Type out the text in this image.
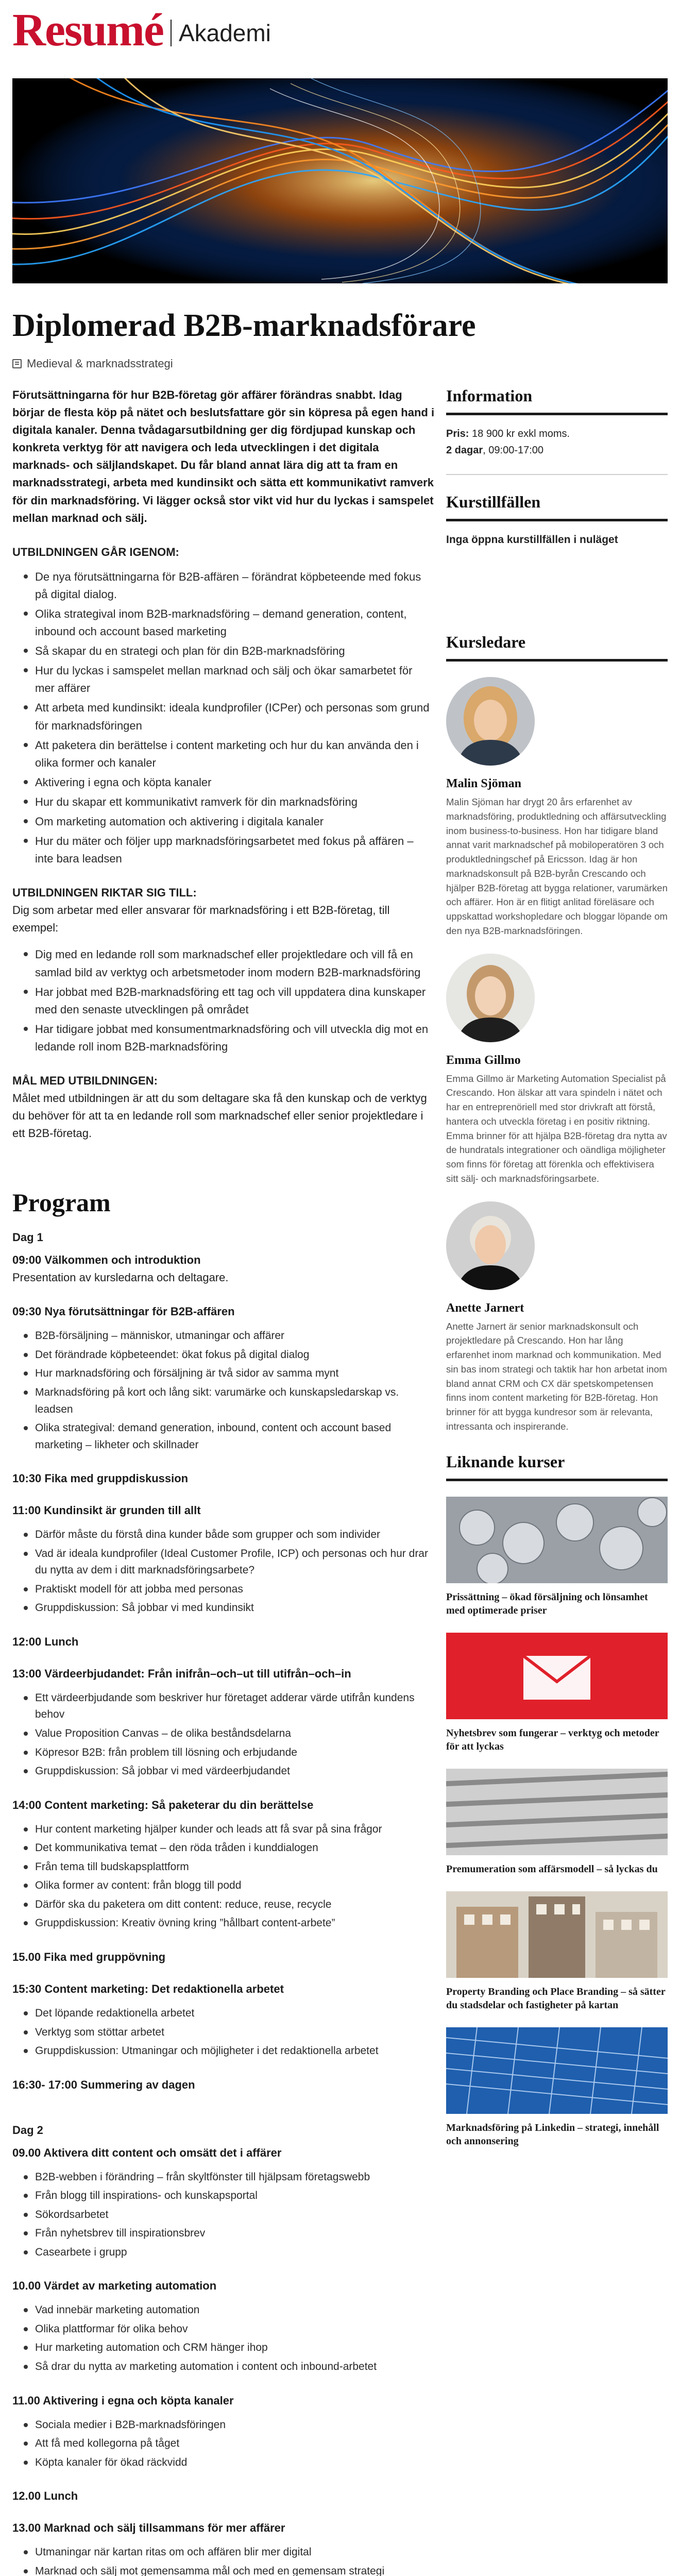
Resumé Akademi
Diplomerad B2B-marknadsförare
Medieval & marknadsstrategi

Förutsättningarna för hur B2B-företag gör affärer förändras snabbt. Idag börjar de flesta köp på nätet och beslutsfattare gör sin köpresa på egen hand i digitala kanaler. Denna tvådagarsutbildning ger dig fördjupad kunskap och konkreta verktyg för att navigera och leda utvecklingen i det digitala marknads- och säljlandskapet. Du får bland annat lära dig att ta fram en marknadsstrategi, arbeta med kundinsikt och sätta ett kommunikativt ramverk för din marknadsföring. Vi lägger också stor vikt vid hur du lyckas i samspelet mellan marknad och sälj.

UTBILDNINGEN GÅR IGENOM:
De nya förutsättningarna för B2B-affären – förändrat köpbeteende med fokus på digital dialog.
Olika strategival inom B2B-marknadsföring – demand generation, content, inbound och account based marketing
Så skapar du en strategi och plan för din B2B-marknadsföring
Hur du lyckas i samspelet mellan marknad och sälj och ökar samarbetet för mer affärer
Att arbeta med kundinsikt: ideala kundprofiler (ICPer) och personas som grund för marknadsföringen
Att paketera din berättelse i content marketing och hur du kan använda den i olika former och kanaler
Aktivering i egna och köpta kanaler
Hur du skapar ett kommunikativt ramverk för din marknadsföring
Om marketing automation och aktivering i digitala kanaler
Hur du mäter och följer upp marknadsföringsarbetet med fokus på affären – inte bara leadsen
UTBILDNINGEN RIKTAR SIG TILL:

Dig som arbetar med eller ansvarar för marknadsföring i ett B2B-företag, till exempel:

Dig med en ledande roll som marknadschef eller projektledare och vill få en samlad bild av verktyg och arbetsmetoder inom modern B2B-marknadsföring
Har jobbat med B2B-marknadsföring ett tag och vill uppdatera dina kunskaper med den senaste utvecklingen på området
Har tidigare jobbat med konsumentmarknadsföring och vill utveckla dig mot en ledande roll inom B2B-marknadsföring
MÅL MED UTBILDNINGEN:

Målet med utbildningen är att du som deltagare ska få den kunskap och de verktyg du behöver för att ta en ledande roll som marknadschef eller senior projektledare i ett B2B-företag.

Program
Dag 1

09:00 Välkommen och introduktion

Presentation av kursledarna och deltagare.

09:30 Nya förutsättningar för B2B-affären

B2B-försäljning – människor, utmaningar och affärer
Det förändrade köpbeteendet: ökat fokus på digital dialog
Hur marknadsföring och försäljning är två sidor av samma mynt
Marknadsföring på kort och lång sikt: varumärke och kunskapsledarskap vs. leadsen
Olika strategival: demand generation, inbound, content och account based marketing – likheter och skillnader

10:30 Fika med gruppdiskussion

11:00 Kundinsikt är grunden till allt

Därför måste du förstå dina kunder både som grupper och som individer
Vad är ideala kundprofiler (Ideal Customer Profile, ICP) och personas och hur drar du nytta av dem i ditt marknadsföringsarbete?
Praktiskt modell för att jobba med personas
Gruppdiskussion: Så jobbar vi med kundinsikt

12:00 Lunch

13:00 Värdeerbjudandet: Från inifrån–och–ut till utifrån–och–in

Ett värdeerbjudande som beskriver hur företaget adderar värde utifrån kundens behov
Value Proposition Canvas – de olika beståndsdelarna
Köpresor B2B: från problem till lösning och erbjudande
Gruppdiskussion: Så jobbar vi med värdeerbjudandet

14:00 Content marketing: Så paketerar du din berättelse

Hur content marketing hjälper kunder och leads att få svar på sina frågor
Det kommunikativa temat – den röda tråden i kunddialogen
Från tema till budskapsplattform
Olika former av content: från blogg till podd
Därför ska du paketera om ditt content: reduce, reuse, recycle
Gruppdiskussion: Kreativ övning kring ”hållbart content-arbete”

15.00 Fika med gruppövning

15:30 Content marketing: Det redaktionella arbetet

Det löpande redaktionella arbetet
Verktyg som stöttar arbetet
Gruppdiskussion: Utmaningar och möjligheter i det redaktionella arbetet

16:30- 17:00 Summering av dagen

Dag 2

09.00 Aktivera ditt content och omsätt det i affärer

B2B-webben i förändring – från skyltfönster till hjälpsam företagswebb
Från blogg till inspirations- och kunskapsportal
Sökordsarbetet
Från nyhetsbrev till inspirationsbrev
Casearbete i grupp

10.00 Värdet av marketing automation

Vad innebär marketing automation
Olika plattformar för olika behov
Hur marketing automation och CRM hänger ihop
Så drar du nytta av marketing automation i content och inbound-arbetet

11.00 Aktivering i egna och köpta kanaler

Sociala medier i B2B-marknadsföringen
Att få med kollegorna på tåget
Köpta kanaler för ökad räckvidd

12.00 Lunch

13.00 Marknad och sälj tillsammans för mer affärer

Utmaningar när kartan ritas om och affären blir mer digital
Marknad och sälj mot gemensamma mål och med en gemensam strategi

Information
Pris: 18 900 kr exkl moms.
2 dagar, 09:00-17:00
Kurstillfällen

Inga öppna kurstillfällen i nuläget

Kursledare
Malin Sjöman

Malin Sjöman har drygt 20 års erfarenhet av marknadsföring, produktledning och affärsutveckling inom business-to-business. Hon har tidigare bland annat varit marknadschef på mobiloperatören 3 och produktledningschef på Ericsson. Idag är hon marknadskonsult på B2B-byrån Crescando och hjälper B2B-företag att bygga relationer, varumärken och affärer. Hon är en flitigt anlitad föreläsare och uppskattad workshopledare och bloggar löpande om den nya B2B-marknadsföringen.

Emma Gillmo

Emma Gillmo är Marketing Automation Specialist på Crescando. Hon älskar att vara spindeln i nätet och har en entreprenöriell med stor drivkraft att förstå, hantera och utveckla företag i en positiv riktning. Emma brinner för att hjälpa B2B-företag dra nytta av de hundratals integrationer och oändliga möjligheter som finns för företag att förenkla och effektivisera sitt sälj- och marknadsföringsarbete.

Anette Jarnert

Anette Jarnert är senior marknadskonsult och projektledare på Crescando. Hon har lång erfarenhet inom marknad och kommunikation. Med sin bas inom strategi och taktik har hon arbetat inom bland annat CRM och CX där spetskompetensen finns inom content marketing för B2B-företag. Hon brinner för att bygga kundresor som är relevanta, intressanta och inspirerande.

Liknande kurser

Prissättning – ökad försäljning och lönsamhet med optimerade priser

Nyhetsbrev som fungerar – verktyg och metoder för att lyckas

Premumeration som affärsmodell – så lyckas du

Property Branding och Place Branding – så sätter du stadsdelar och fastigheter på kartan

Marknadsföring på Linkedin – strategi, innehåll och annonsering
